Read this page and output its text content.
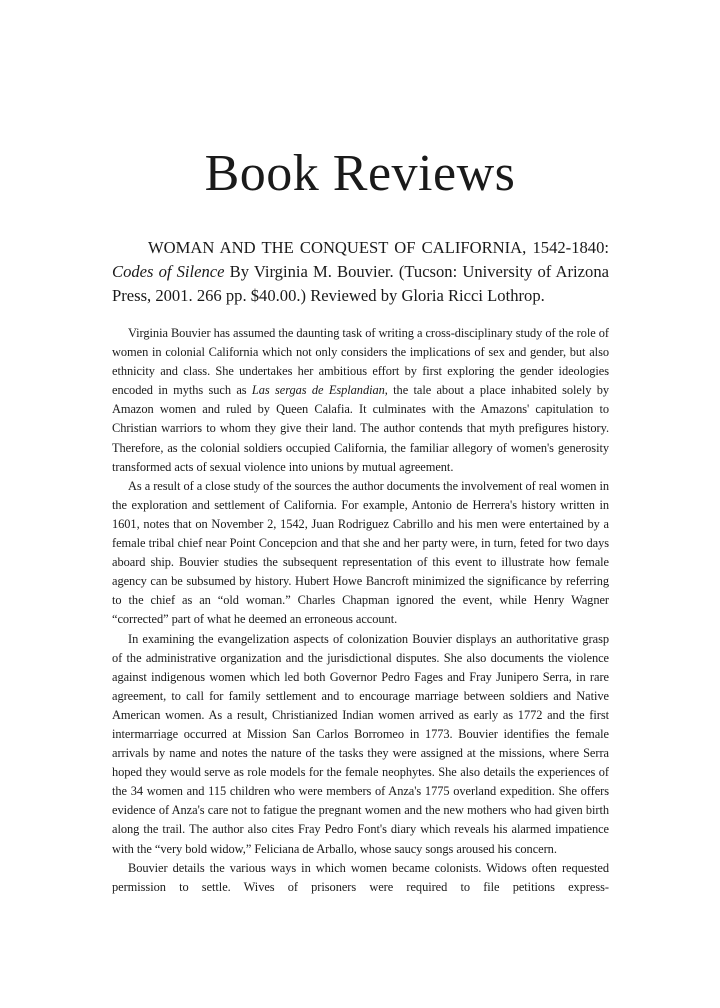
Book Reviews

WOMAN AND THE CONQUEST OF CALIFORNIA, 1542-1840: Codes of Silence By Virginia M. Bouvier. (Tucson: University of Arizona Press, 2001. 266 pp. $40.00.) Reviewed by Gloria Ricci Lothrop.

Virginia Bouvier has assumed the daunting task of writing a cross-disciplinary study of the role of women in colonial California which not only considers the implications of sex and gender, but also ethnicity and class. She undertakes her ambitious effort by first exploring the gender ideologies encoded in myths such as Las sergas de Esplandian, the tale about a place inhabited solely by Amazon women and ruled by Queen Calafia. It culminates with the Amazons' capitulation to Christian warriors to whom they give their land. The author contends that myth prefigures history. Therefore, as the colonial soldiers occupied California, the familiar allegory of women's generosity transformed acts of sexual violence into unions by mutual agreement.

As a result of a close study of the sources the author documents the involvement of real women in the exploration and settlement of California. For example, Antonio de Herrera's history written in 1601, notes that on November 2, 1542, Juan Rodriguez Cabrillo and his men were entertained by a female tribal chief near Point Concepcion and that she and her party were, in turn, feted for two days aboard ship. Bouvier studies the subsequent representation of this event to illustrate how female agency can be subsumed by history. Hubert Howe Bancroft minimized the significance by referring to the chief as an “old woman.” Charles Chapman ignored the event, while Henry Wagner “corrected” part of what he deemed an erroneous account.

In examining the evangelization aspects of colonization Bouvier displays an authoritative grasp of the administrative organization and the jurisdictional disputes. She also documents the violence against indigenous women which led both Governor Pedro Fages and Fray Junipero Serra, in rare agreement, to call for family settlement and to encourage marriage between soldiers and Native American women. As a result, Christianized Indian women arrived as early as 1772 and the first intermarriage occurred at Mission San Carlos Borromeo in 1773. Bouvier identifies the female arrivals by name and notes the nature of the tasks they were assigned at the missions, where Serra hoped they would serve as role models for the female neophytes. She also details the experiences of the 34 women and 115 children who were members of Anza's 1775 overland expedition. She offers evidence of Anza's care not to fatigue the pregnant women and the new mothers who had given birth along the trail. The author also cites Fray Pedro Font's diary which reveals his alarmed impatience with the “very bold widow,” Feliciana de Arballo, whose saucy songs aroused his concern.

Bouvier details the various ways in which women became colonists. Widows often requested permission to settle. Wives of prisoners were required to file petitions express-
